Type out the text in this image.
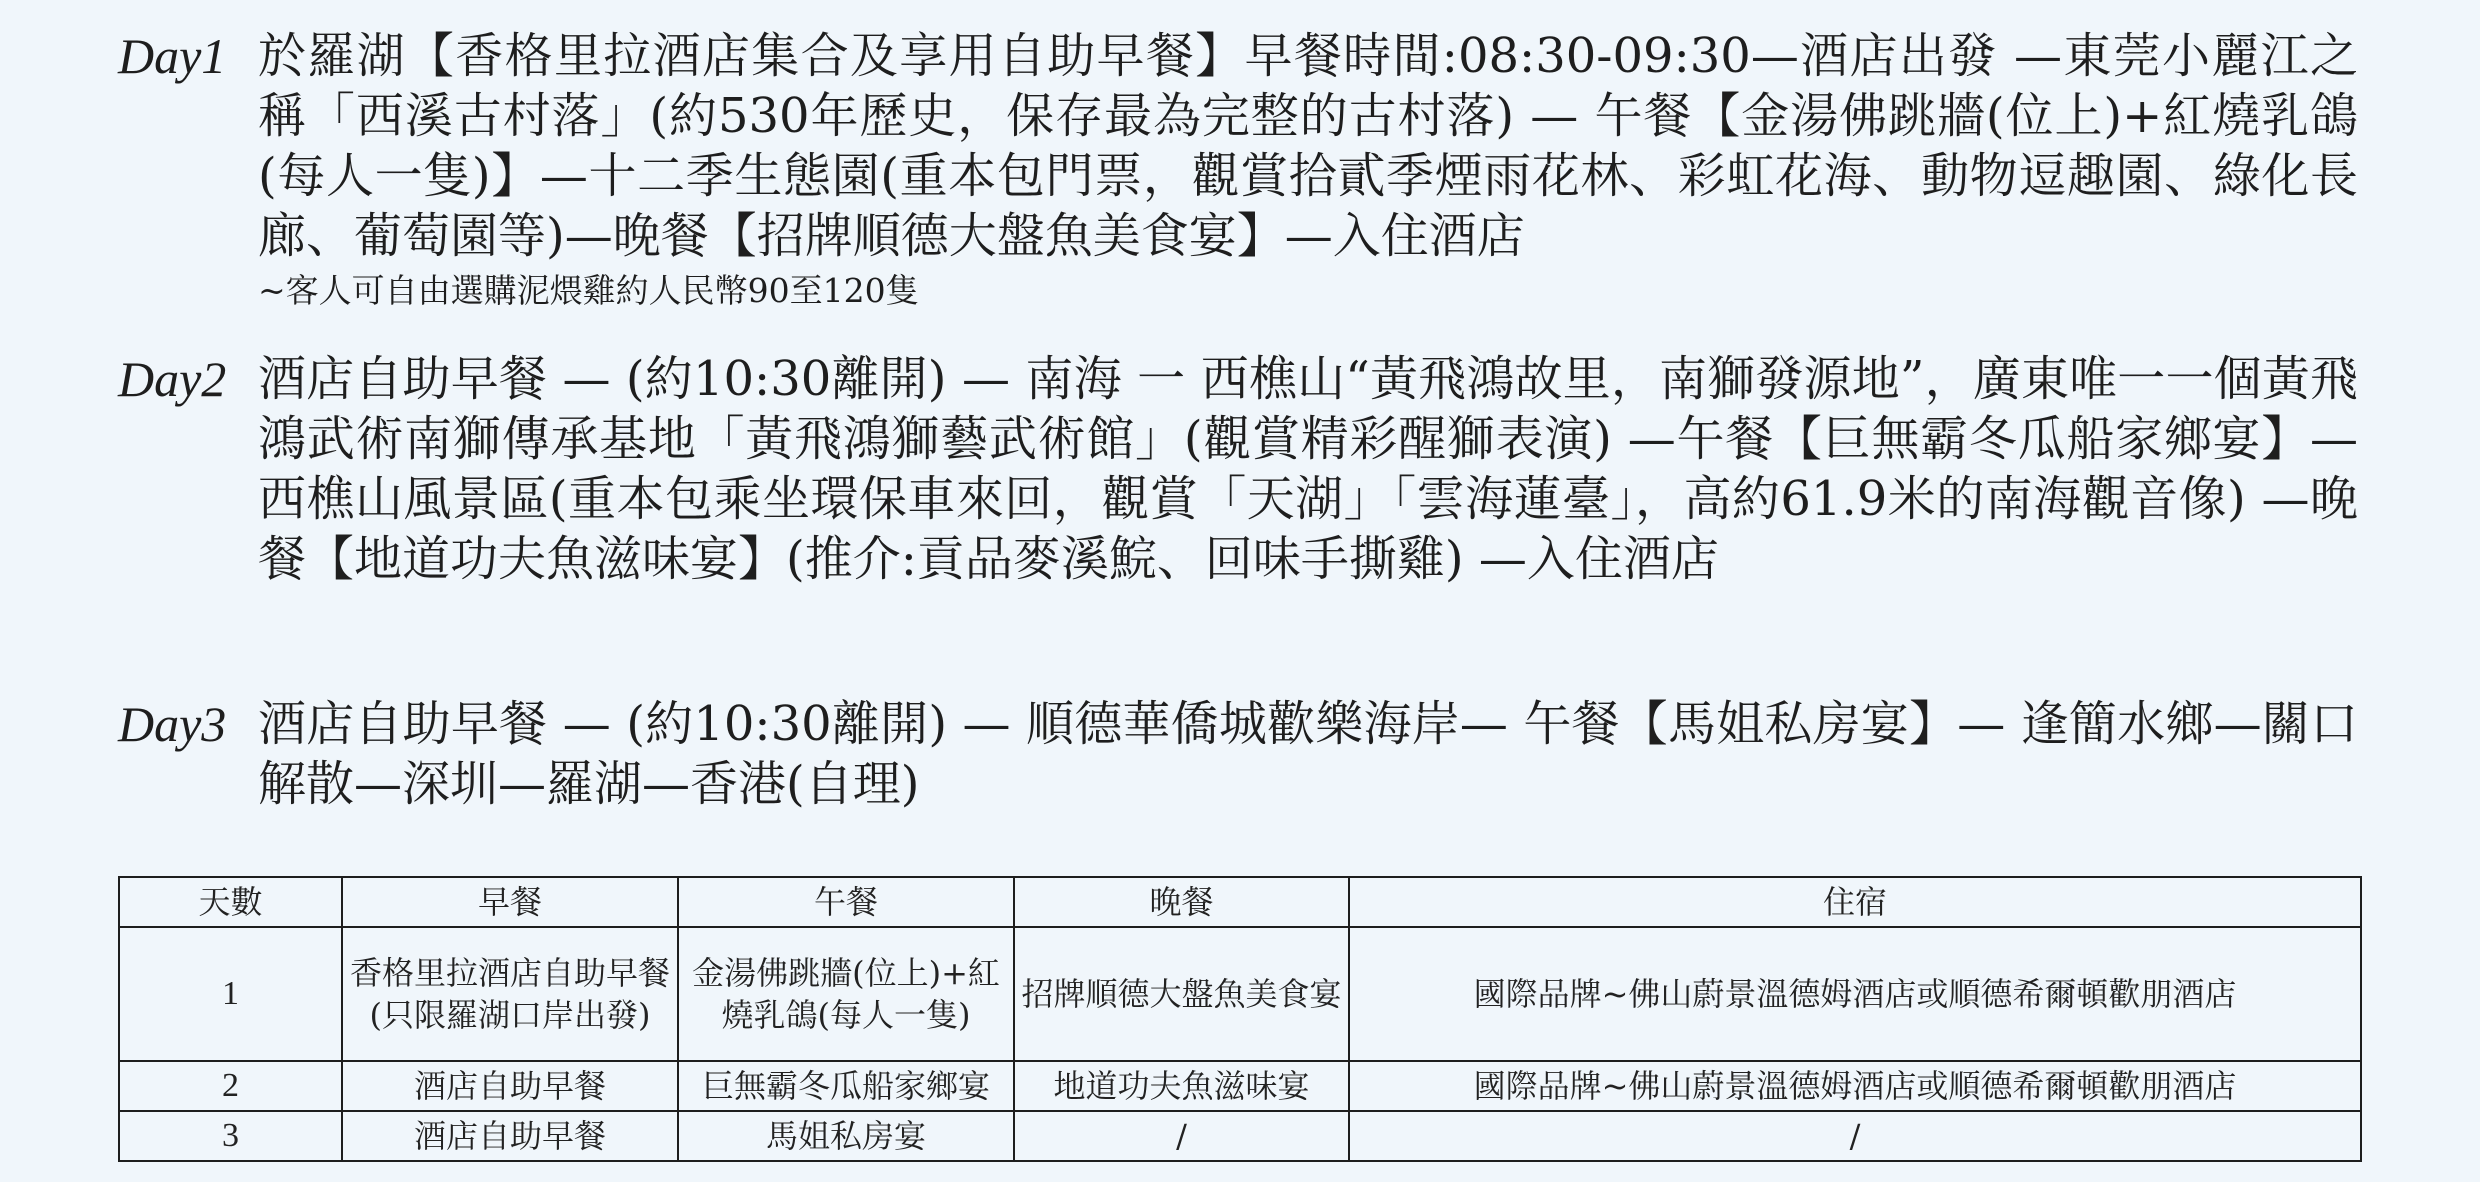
Day1 於羅湖【香格里拉酒店集合及享用自助早餐】早餐時間:08:30-09:30—酒店出發 —東莞小麗江之稱「西溪古村落」(約530年歷史，保存最為完整的古村落) — 午餐【金湯佛跳牆(位上)+紅燒乳鴿(每人一隻)】—十二季生態園(重本包門票，觀賞拾貳季煙雨花林、彩虹花海、動物逗趣園、綠化長廊、葡萄園等)—晚餐【招牌順德大盤魚美食宴】—入住酒店
~客人可自由選購泥煨雞約人民幣90至120隻
Day2 酒店自助早餐 — (約10:30離開) — 南海 一 西樵山“黃飛鴻故里，南獅發源地”，廣東唯一一個黃飛鴻武術南獅傳承基地「黃飛鴻獅藝武術館」(觀賞精彩醒獅表演) —午餐【巨無霸冬瓜船家鄉宴】—西樵山風景區(重本包乘坐環保車來回，觀賞「天湖」「雲海蓮臺」，高約61.9米的南海觀音像) —晚餐【地道功夫魚滋味宴】(推介:貢品麥溪鯇、回味手撕雞) —入住酒店
Day3 酒店自助早餐 — (約10:30離開) — 順德華僑城歡樂海岸— 午餐【馬姐私房宴】— 逢簡水鄉—關口解散—深圳—羅湖—香港(自理)
天數	早餐	午餐	晚餐	住宿
1	香格里拉酒店自助早餐(只限羅湖口岸出發)	金湯佛跳牆(位上)+紅燒乳鴿(每人一隻)	招牌順德大盤魚美食宴	國際品牌~佛山蔚景溫德姆酒店或順德希爾頓歡朋酒店
2	酒店自助早餐	巨無霸冬瓜船家鄉宴	地道功夫魚滋味宴	國際品牌~佛山蔚景溫德姆酒店或順德希爾頓歡朋酒店
3	酒店自助早餐	馬姐私房宴	/	/
